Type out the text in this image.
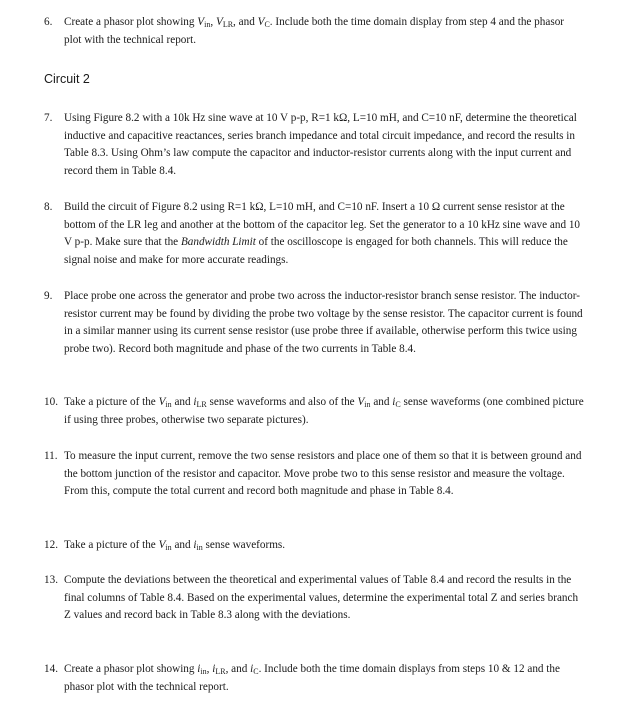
6.	Create a phasor plot showing $V_{in}$, $V_{LR}$, and $V_C$. Include both the time domain display from step 4 and the phasor plot with the technical report.
Circuit 2
7.	Using Figure 8.2 with a 10k Hz sine wave at 10 V p-p, R=1 kΩ, L=10 mH, and C=10 nF, determine the theoretical inductive and capacitive reactances, series branch impedance and total circuit impedance, and record the results in Table 8.3. Using Ohm’s law compute the capacitor and inductor-resistor currents along with the input current and record them in Table 8.4.
8.	Build the circuit of Figure 8.2 using R=1 kΩ, L=10 mH, and C=10 nF. Insert a 10 Ω current sense resistor at the bottom of the LR leg and another at the bottom of the capacitor leg. Set the generator to a 10 kHz sine wave and 10 V p-p. Make sure that the Bandwidth Limit of the oscilloscope is engaged for both channels. This will reduce the signal noise and make for more accurate readings.
9.	Place probe one across the generator and probe two across the inductor-resistor branch sense resistor. The inductor-resistor current may be found by dividing the probe two voltage by the sense resistor. The capacitor current is found in a similar manner using its current sense resistor (use probe three if available, otherwise perform this twice using probe two). Record both magnitude and phase of the two currents in Table 8.4.
10. Take a picture of the $V_{in}$ and $i_{LR}$ sense waveforms and also of the $V_{in}$ and $i_C$ sense waveforms (one combined picture if using three probes, otherwise two separate pictures).
11. To measure the input current, remove the two sense resistors and place one of them so that it is between ground and the bottom junction of the resistor and capacitor. Move probe two to this sense resistor and measure the voltage. From this, compute the total current and record both magnitude and phase in Table 8.4.
12. Take a picture of the $V_{in}$ and $i_{in}$ sense waveforms.
13. Compute the deviations between the theoretical and experimental values of Table 8.4 and record the results in the final columns of Table 8.4. Based on the experimental values, determine the experimental total Z and series branch Z values and record back in Table 8.3 along with the deviations.
14. Create a phasor plot showing $i_{in}$, $i_{LR}$, and $i_C$. Include both the time domain displays from steps 10 & 12 and the phasor plot with the technical report.
